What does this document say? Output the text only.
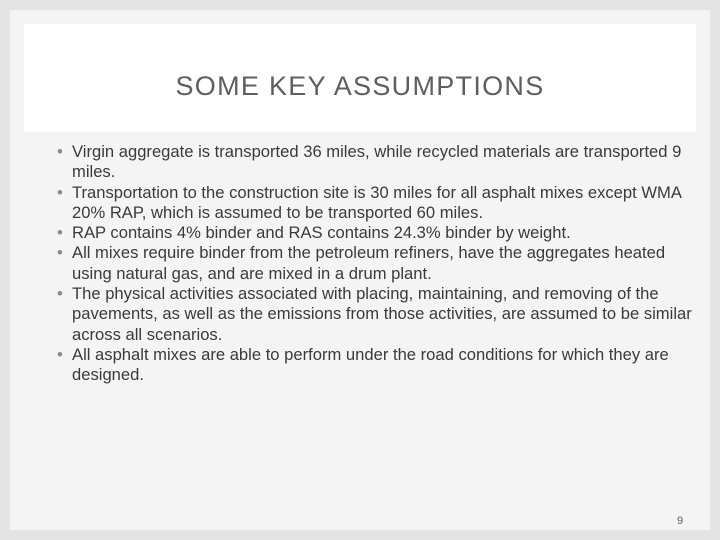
SOME KEY ASSUMPTIONS
• Virgin aggregate is transported 36 miles, while recycled materials are transported 9 miles.
• Transportation to the construction site is 30 miles for all asphalt mixes except WMA 20% RAP, which is assumed to be transported 60 miles.
• RAP contains 4% binder and RAS contains 24.3% binder by weight.
• All mixes require binder from the petroleum refiners, have the aggregates heated using natural gas, and are mixed in a drum plant.
• The physical activities associated with placing, maintaining, and removing of the pavements, as well as the emissions from those activities, are assumed to be similar across all scenarios.
• All asphalt mixes are able to perform under the road conditions for which they are designed.
9
